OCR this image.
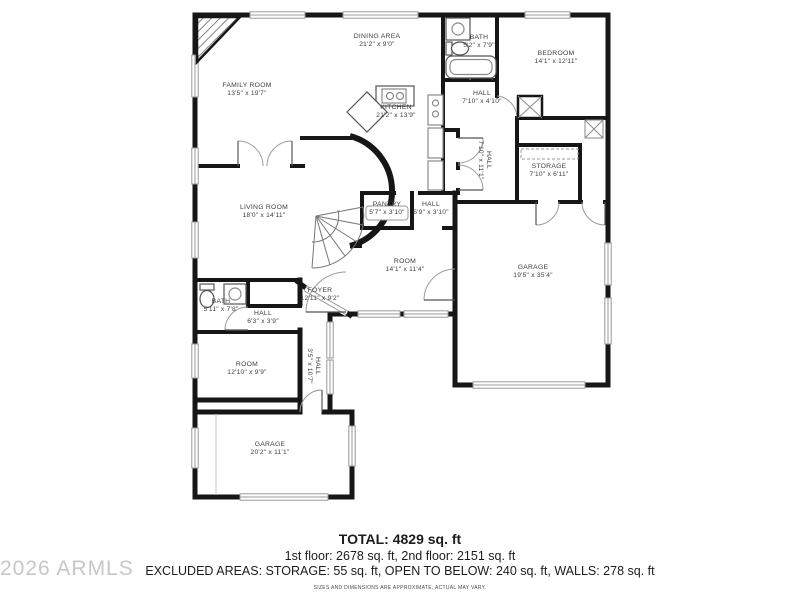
DINING AREA
21'2" x 9'0"
FAMILY ROOM
13'5" x 19'7"
KITCHEN
21'2" x 13'9"
BATH
5'2" x 7'9"
BEDROOM
14'1" x 12'11"
HALL
7'10" x 4'10"
HALL
7'10" x 11'1"	STORAGE
7'10" x 6'11"
LIVING ROOM
18'0" x 14'11"
PANTRY
5'7" x 3'10"
HALL
5'9" x 3'10"
ROOM
14'1" x 11'4"	GARAGE
19'5" x 35'4"
BATH
5'11" x 7'8"
HALL
6'3" x 3'9"
FOYER
12'11" x 9'2"
HALL
3'5" x 10'7"
ROOM
12'10" x 9'9"
GARAGE
20'2" x 11'1"
TOTAL: 4829 sq. ft
1st floor: 2678 sq. ft, 2nd floor: 2151 sq. ft
EXCLUDED AREAS: STORAGE: 55 sq. ft, OPEN TO BELOW: 240 sq. ft, WALLS: 278 sq. ft
SIZES AND DIMENSIONS ARE APPROXIMATE, ACTUAL MAY VARY.
2026 ARMLS
